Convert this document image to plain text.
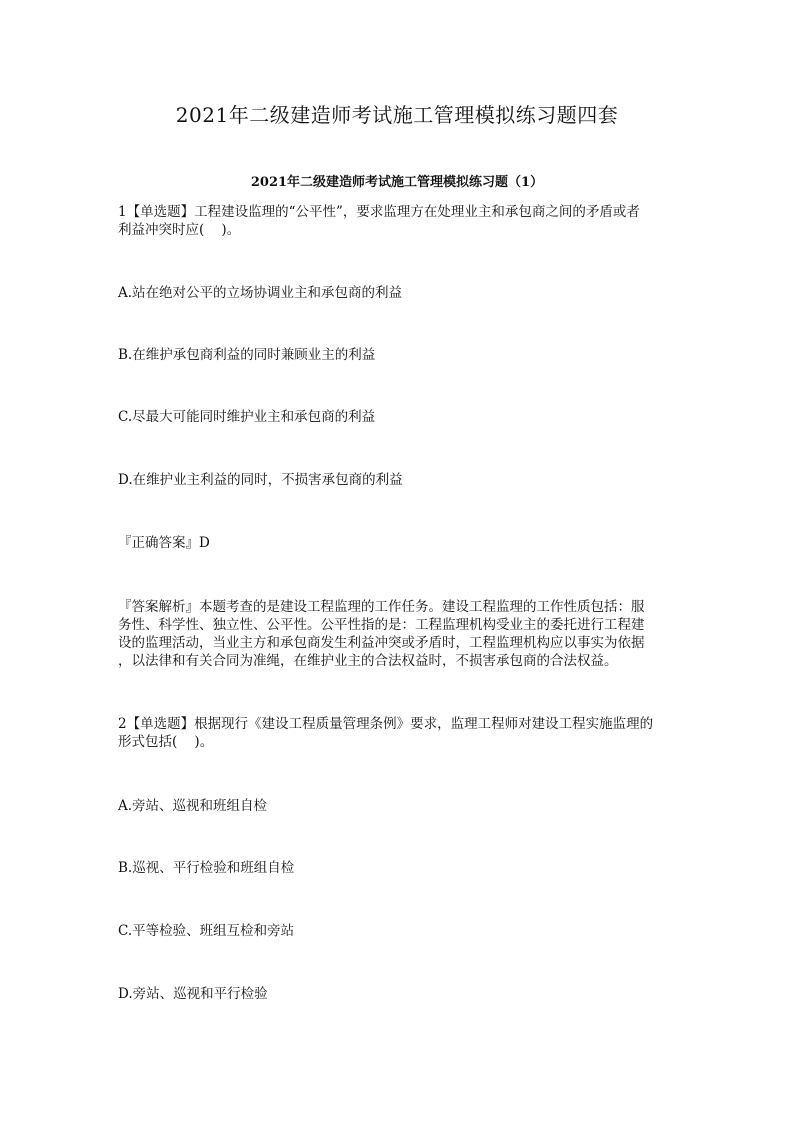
2021年二级建造师考试施工管理模拟练习题四套
2021年二级建造师考试施工管理模拟练习题（1）
1【单选题】工程建设监理的“公平性”，要求监理方在处理业主和承包商之间的矛盾或者
利益冲突时应(    )。
A.站在绝对公平的立场协调业主和承包商的利益
B.在维护承包商利益的同时兼顾业主的利益
C.尽最大可能同时维护业主和承包商的利益
D.在维护业主利益的同时，不损害承包商的利益
『正确答案』D
『答案解析』本题考查的是建设工程监理的工作任务。建设工程监理的工作性质包括：服
务性、科学性、独立性、公平性。公平性指的是：工程监理机构受业主的委托进行工程建
设的监理活动，当业主方和承包商发生利益冲突或矛盾时，工程监理机构应以事实为依据
，以法律和有关合同为准绳，在维护业主的合法权益时，不损害承包商的合法权益。
2【单选题】根据现行《建设工程质量管理条例》要求，监理工程师对建设工程实施监理的
形式包括(    )。
A.旁站、巡视和班组自检
B.巡视、平行检验和班组自检
C.平等检验、班组互检和旁站
D.旁站、巡视和平行检验
